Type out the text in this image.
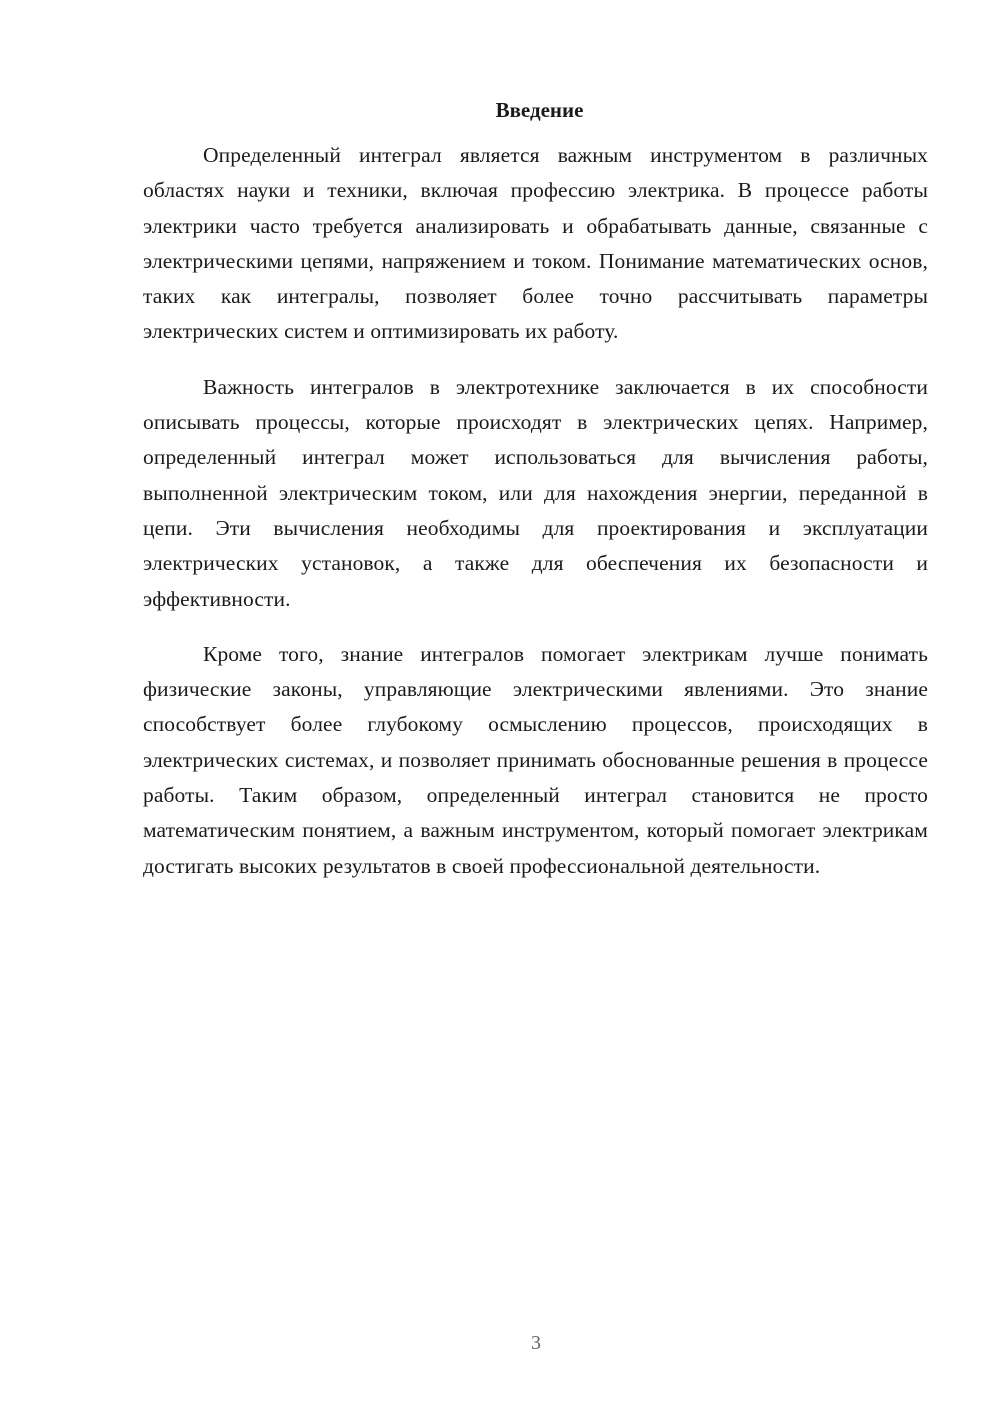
Введение

Определенный интеграл является важным инструментом в различных областях науки и техники, включая профессию электрика. В процессе работы электрики часто требуется анализировать и обрабатывать данные, связанные с электрическими цепями, напряжением и током. Понимание математических основ, таких как интегралы, позволяет более точно рассчитывать параметры электрических систем и оптимизировать их работу.

Важность интегралов в электротехнике заключается в их способности описывать процессы, которые происходят в электрических цепях. Например, определенный интеграл может использоваться для вычисления работы, выполненной электрическим током, или для нахождения энергии, переданной в цепи. Эти вычисления необходимы для проектирования и эксплуатации электрических установок, а также для обеспечения их безопасности и эффективности.

Кроме того, знание интегралов помогает электрикам лучше понимать физические законы, управляющие электрическими явлениями. Это знание способствует более глубокому осмыслению процессов, происходящих в электрических системах, и позволяет принимать обоснованные решения в процессе работы. Таким образом, определенный интеграл становится не просто математическим понятием, а важным инструментом, который помогает электрикам достигать высоких результатов в своей профессиональной деятельности.

3
